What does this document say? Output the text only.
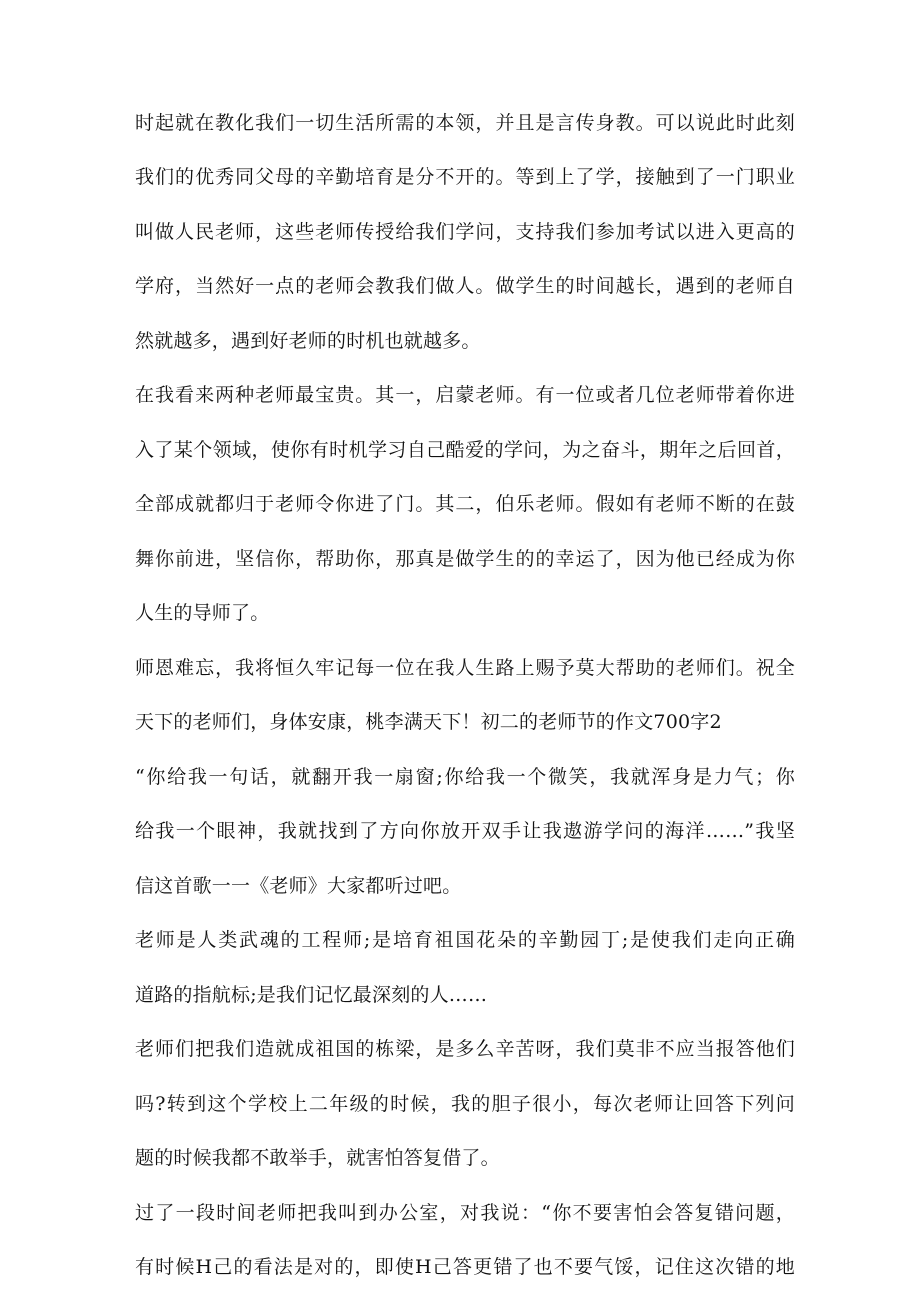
时起就在教化我们一切生活所需的本领，并且是言传身教。可以说此时此刻
我们的优秀同父母的辛勤培育是分不开的。等到上了学，接触到了一门职业
叫做人民老师，这些老师传授给我们学问，支持我们参加考试以进入更高的
学府，当然好一点的老师会教我们做人。做学生的时间越长，遇到的老师自
然就越多，遇到好老师的时机也就越多。
在我看来两种老师最宝贵。其一，启蒙老师。有一位或者几位老师带着你进
入了某个领域，使你有时机学习自己酷爱的学问，为之奋斗，期年之后回首，
全部成就都归于老师令你进了门。其二，伯乐老师。假如有老师不断的在鼓
舞你前进，坚信你，帮助你，那真是做学生的的幸运了，因为他已经成为你
人生的导师了。
师恩难忘，我将恒久牢记每一位在我人生路上赐予莫大帮助的老师们。祝全
天下的老师们，身体安康，桃李满天下！初二的老师节的作文700字2
“你给我一句话，就翻开我一扇窗;你给我一个微笑，我就浑身是力气；你
给我一个眼神，我就找到了方向你放开双手让我遨游学问的海洋……”我坚
信这首歌一一《老师》大家都听过吧。
老师是人类武魂的工程师;是培育祖国花朵的辛勤园丁;是使我们走向正确
道路的指航标;是我们记忆最深刻的人……
老师们把我们造就成祖国的栋梁，是多么辛苦呀，我们莫非不应当报答他们
吗?转到这个学校上二年级的时候，我的胆子很小，每次老师让回答下列问
题的时候我都不敢举手，就害怕答复借了。
过了一段时间老师把我叫到办公室，对我说：“你不要害怕会答复错问题，
有时候H己的看法是对的，即使H己答更错了也不要气馁，记住这次错的地
